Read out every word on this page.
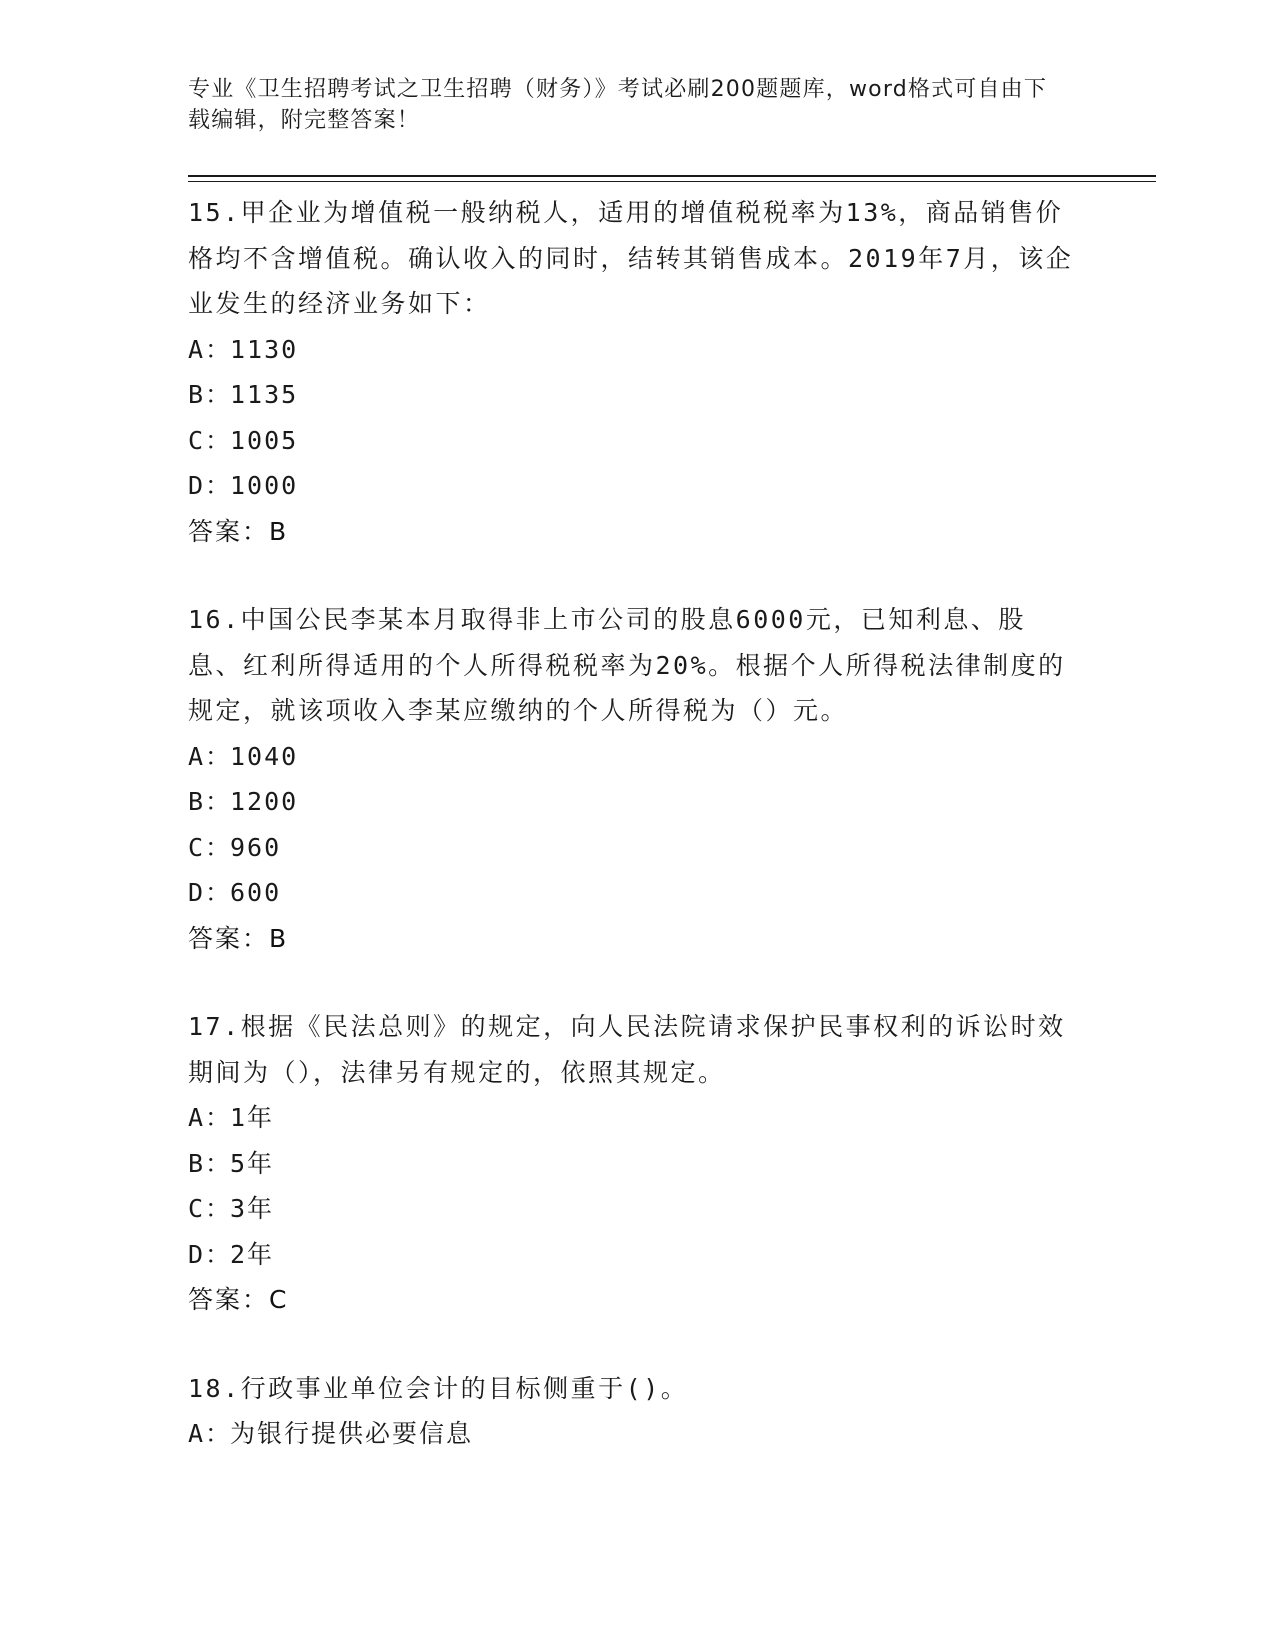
专业《卫生招聘考试之卫生招聘（财务）》考试必刷200题题库，word格式可自由下载编辑，附完整答案！

15.甲企业为增值税一般纳税人，适用的增值税税率为13%，商品销售价格均不含增值税。确认收入的同时，结转其销售成本。2019年7月，该企业发生的经济业务如下：

A：
1130
B：
1135
C：
1005
D：
1000
答案：B

16.中国公民李某本月取得非上市公司的股息6000元，已知利息、股息、红利所得适用的个人所得税税率为20%。根据个人所得税法律制度的规定，就该项收入李某应缴纳的个人所得税为（）元。

A：
1040
B：
1200
C：
960
D：
600
答案：B

17.根据《民法总则》的规定，向人民法院请求保护民事权利的诉讼时效期间为（），法律另有规定的，依照其规定。

A：
1年
B：
5年
C：
3年
D：
2年
答案：C

18.行政事业单位会计的目标侧重于()。

A：
为银行提供必要信息
